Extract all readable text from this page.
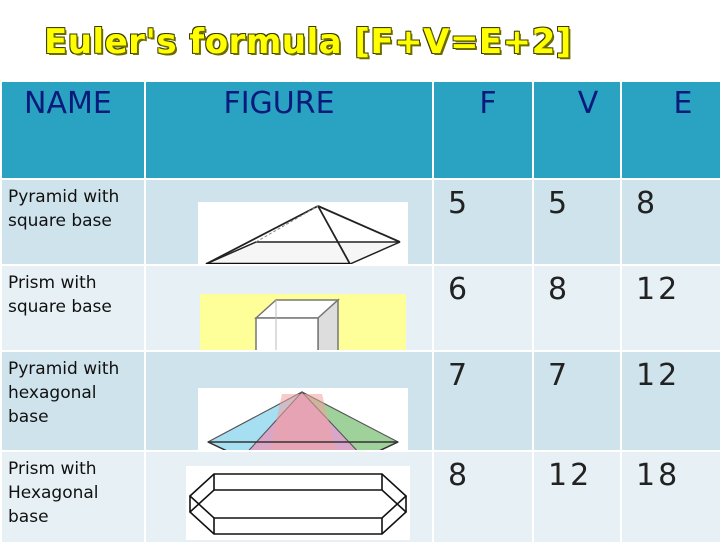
Euler's formula [F+V=E+2]
NAME	FIGURE	F	V	E

Pyramid with square base		5	5	8
Prism with square base		6	8	12
Pyramid with hexagonal base		7	7	12
Prism with Hexagonal base		8	12	18
